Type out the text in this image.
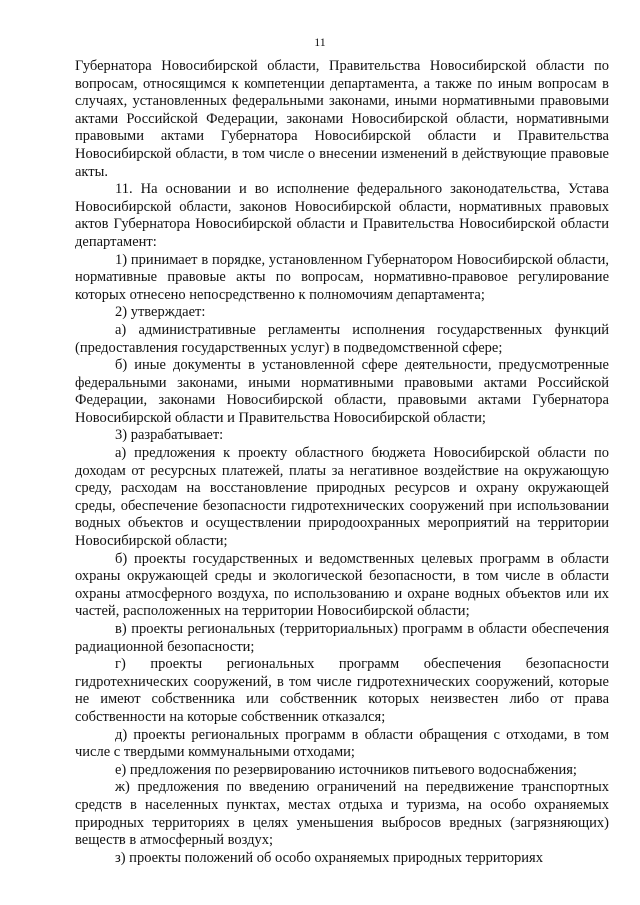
11

Губернатора Новосибирской области, Правительства Новосибирской области по вопросам, относящимся к компетенции департамента, а также по иным вопросам в случаях, установленных федеральными законами, иными нормативными правовыми актами Российской Федерации, законами Новосибирской области, нормативными правовыми актами Губернатора Новосибирской области и Правительства Новосибирской области, в том числе о внесении изменений в действующие правовые акты.

11. На основании и во исполнение федерального законодательства, Устава Новосибирской области, законов Новосибирской области, нормативных правовых актов Губернатора Новосибирской области и Правительства Новосибирской области департамент:

1) принимает в порядке, установленном Губернатором Новосибирской области, нормативные правовые акты по вопросам, нормативно-правовое регулирование которых отнесено непосредственно к полномочиям департамента;

2) утверждает:

а) административные регламенты исполнения государственных функций (предоставления государственных услуг) в подведомственной сфере;

б) иные документы в установленной сфере деятельности, предусмотренные федеральными законами, иными нормативными правовыми актами Российской Федерации, законами Новосибирской области, правовыми актами Губернатора Новосибирской области и Правительства Новосибирской области;

3) разрабатывает:

а) предложения к проекту областного бюджета Новосибирской области по доходам от ресурсных платежей, платы за негативное воздействие на окружающую среду, расходам на восстановление природных ресурсов и охрану окружающей среды, обеспечение безопасности гидротехнических сооружений при использовании водных объектов и осуществлении природоохранных мероприятий на территории Новосибирской области;

б) проекты государственных и ведомственных целевых программ в области охраны окружающей среды и экологической безопасности, в том числе в области охраны атмосферного воздуха, по использованию и охране водных объектов или их частей, расположенных на территории Новосибирской области;

в) проекты региональных (территориальных) программ в области обеспечения радиационной безопасности;

г) проекты региональных программ обеспечения безопасности гидротехнических сооружений, в том числе гидротехнических сооружений, которые не имеют собственника или собственник которых неизвестен либо от права собственности на которые собственник отказался;

д) проекты региональных программ в области обращения с отходами, в том числе с твердыми коммунальными отходами;

е) предложения по резервированию источников питьевого водоснабжения;

ж) предложения по введению ограничений на передвижение транспортных средств в населенных пунктах, местах отдыха и туризма, на особо охраняемых природных территориях в целях уменьшения выбросов вредных (загрязняющих) веществ в атмосферный воздух;

з) проекты положений об особо охраняемых природных территориях
